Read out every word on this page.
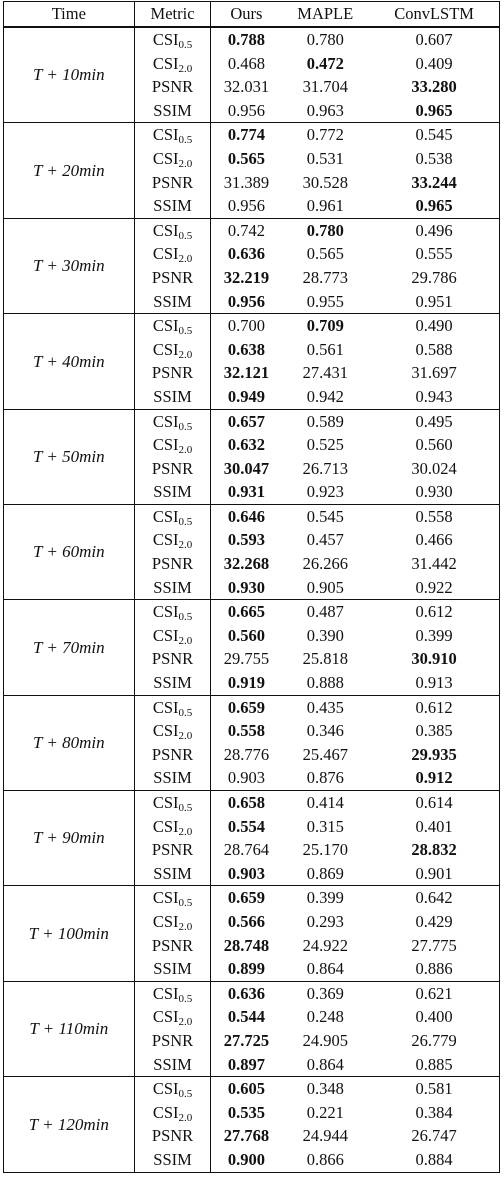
Time	Metric	Ours	MAPLE	ConvLSTM
T + 10min	$CSI_{0.5}$	0.788	0.780	0.607
	$CSI_{2.0}$	0.468	0.472	0.409
	PSNR	32.031	31.704	33.280
	SSIM	0.956	0.963	0.965
T + 20min	$CSI_{0.5}$	0.774	0.772	0.545
	$CSI_{2.0}$	0.565	0.531	0.538
	PSNR	31.389	30.528	33.244
	SSIM	0.956	0.961	0.965
T + 30min	$CSI_{0.5}$	0.742	0.780	0.496
	$CSI_{2.0}$	0.636	0.565	0.555
	PSNR	32.219	28.773	29.786
	SSIM	0.956	0.955	0.951
T + 40min	$CSI_{0.5}$	0.700	0.709	0.490
	$CSI_{2.0}$	0.638	0.561	0.588
	PSNR	32.121	27.431	31.697
	SSIM	0.949	0.942	0.943
T + 50min	$CSI_{0.5}$	0.657	0.589	0.495
	$CSI_{2.0}$	0.632	0.525	0.560
	PSNR	30.047	26.713	30.024
	SSIM	0.931	0.923	0.930
T + 60min	$CSI_{0.5}$	0.646	0.545	0.558
	$CSI_{2.0}$	0.593	0.457	0.466
	PSNR	32.268	26.266	31.442
	SSIM	0.930	0.905	0.922
T + 70min	$CSI_{0.5}$	0.665	0.487	0.612
	$CSI_{2.0}$	0.560	0.390	0.399
	PSNR	29.755	25.818	30.910
	SSIM	0.919	0.888	0.913
T + 80min	$CSI_{0.5}$	0.659	0.435	0.612
	$CSI_{2.0}$	0.558	0.346	0.385
	PSNR	28.776	25.467	29.935
	SSIM	0.903	0.876	0.912
T + 90min	$CSI_{0.5}$	0.658	0.414	0.614
	$CSI_{2.0}$	0.554	0.315	0.401
	PSNR	28.764	25.170	28.832
	SSIM	0.903	0.869	0.901
T + 100min	$CSI_{0.5}$	0.659	0.399	0.642
	$CSI_{2.0}$	0.566	0.293	0.429
	PSNR	28.748	24.922	27.775
	SSIM	0.899	0.864	0.886
T + 110min	$CSI_{0.5}$	0.636	0.369	0.621
	$CSI_{2.0}$	0.544	0.248	0.400
	PSNR	27.725	24.905	26.779
	SSIM	0.897	0.864	0.885
T + 120min	$CSI_{0.5}$	0.605	0.348	0.581
	$CSI_{2.0}$	0.535	0.221	0.384
	PSNR	27.768	24.944	26.747
	SSIM	0.900	0.866	0.884
